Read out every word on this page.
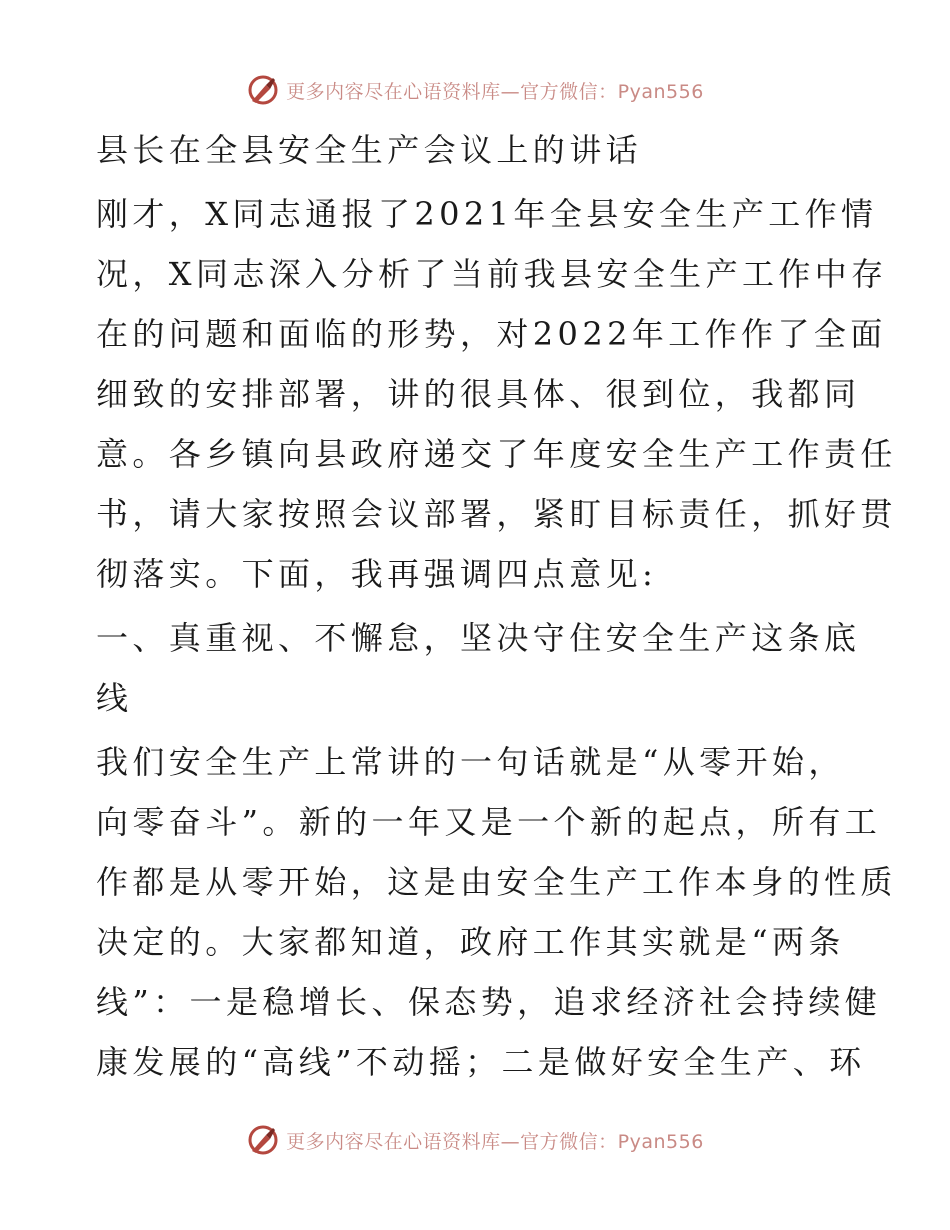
更多内容尽在心语资料库—官方微信：Pyan556
县长在全县安全生产会议上的讲话
刚才，X同志通报了2021年全县安全生产工作情
况，X同志深入分析了当前我县安全生产工作中存
在的问题和面临的形势，对2022年工作作了全面
细致的安排部署，讲的很具体、很到位，我都同
意。各乡镇向县政府递交了年度安全生产工作责任
书，请大家按照会议部署，紧盯目标责任，抓好贯
彻落实。下面，我再强调四点意见:
一、真重视、不懈怠，坚决守住安全生产这条底
线
我们安全生产上常讲的一句话就是“从零开始，
向零奋斗”。新的一年又是一个新的起点，所有工
作都是从零开始，这是由安全生产工作本身的性质
决定的。大家都知道，政府工作其实就是“两条
线”：一是稳增长、保态势，追求经济社会持续健
康发展的“高线”不动摇；二是做好安全生产、环
更多内容尽在心语资料库—官方微信：Pyan556
